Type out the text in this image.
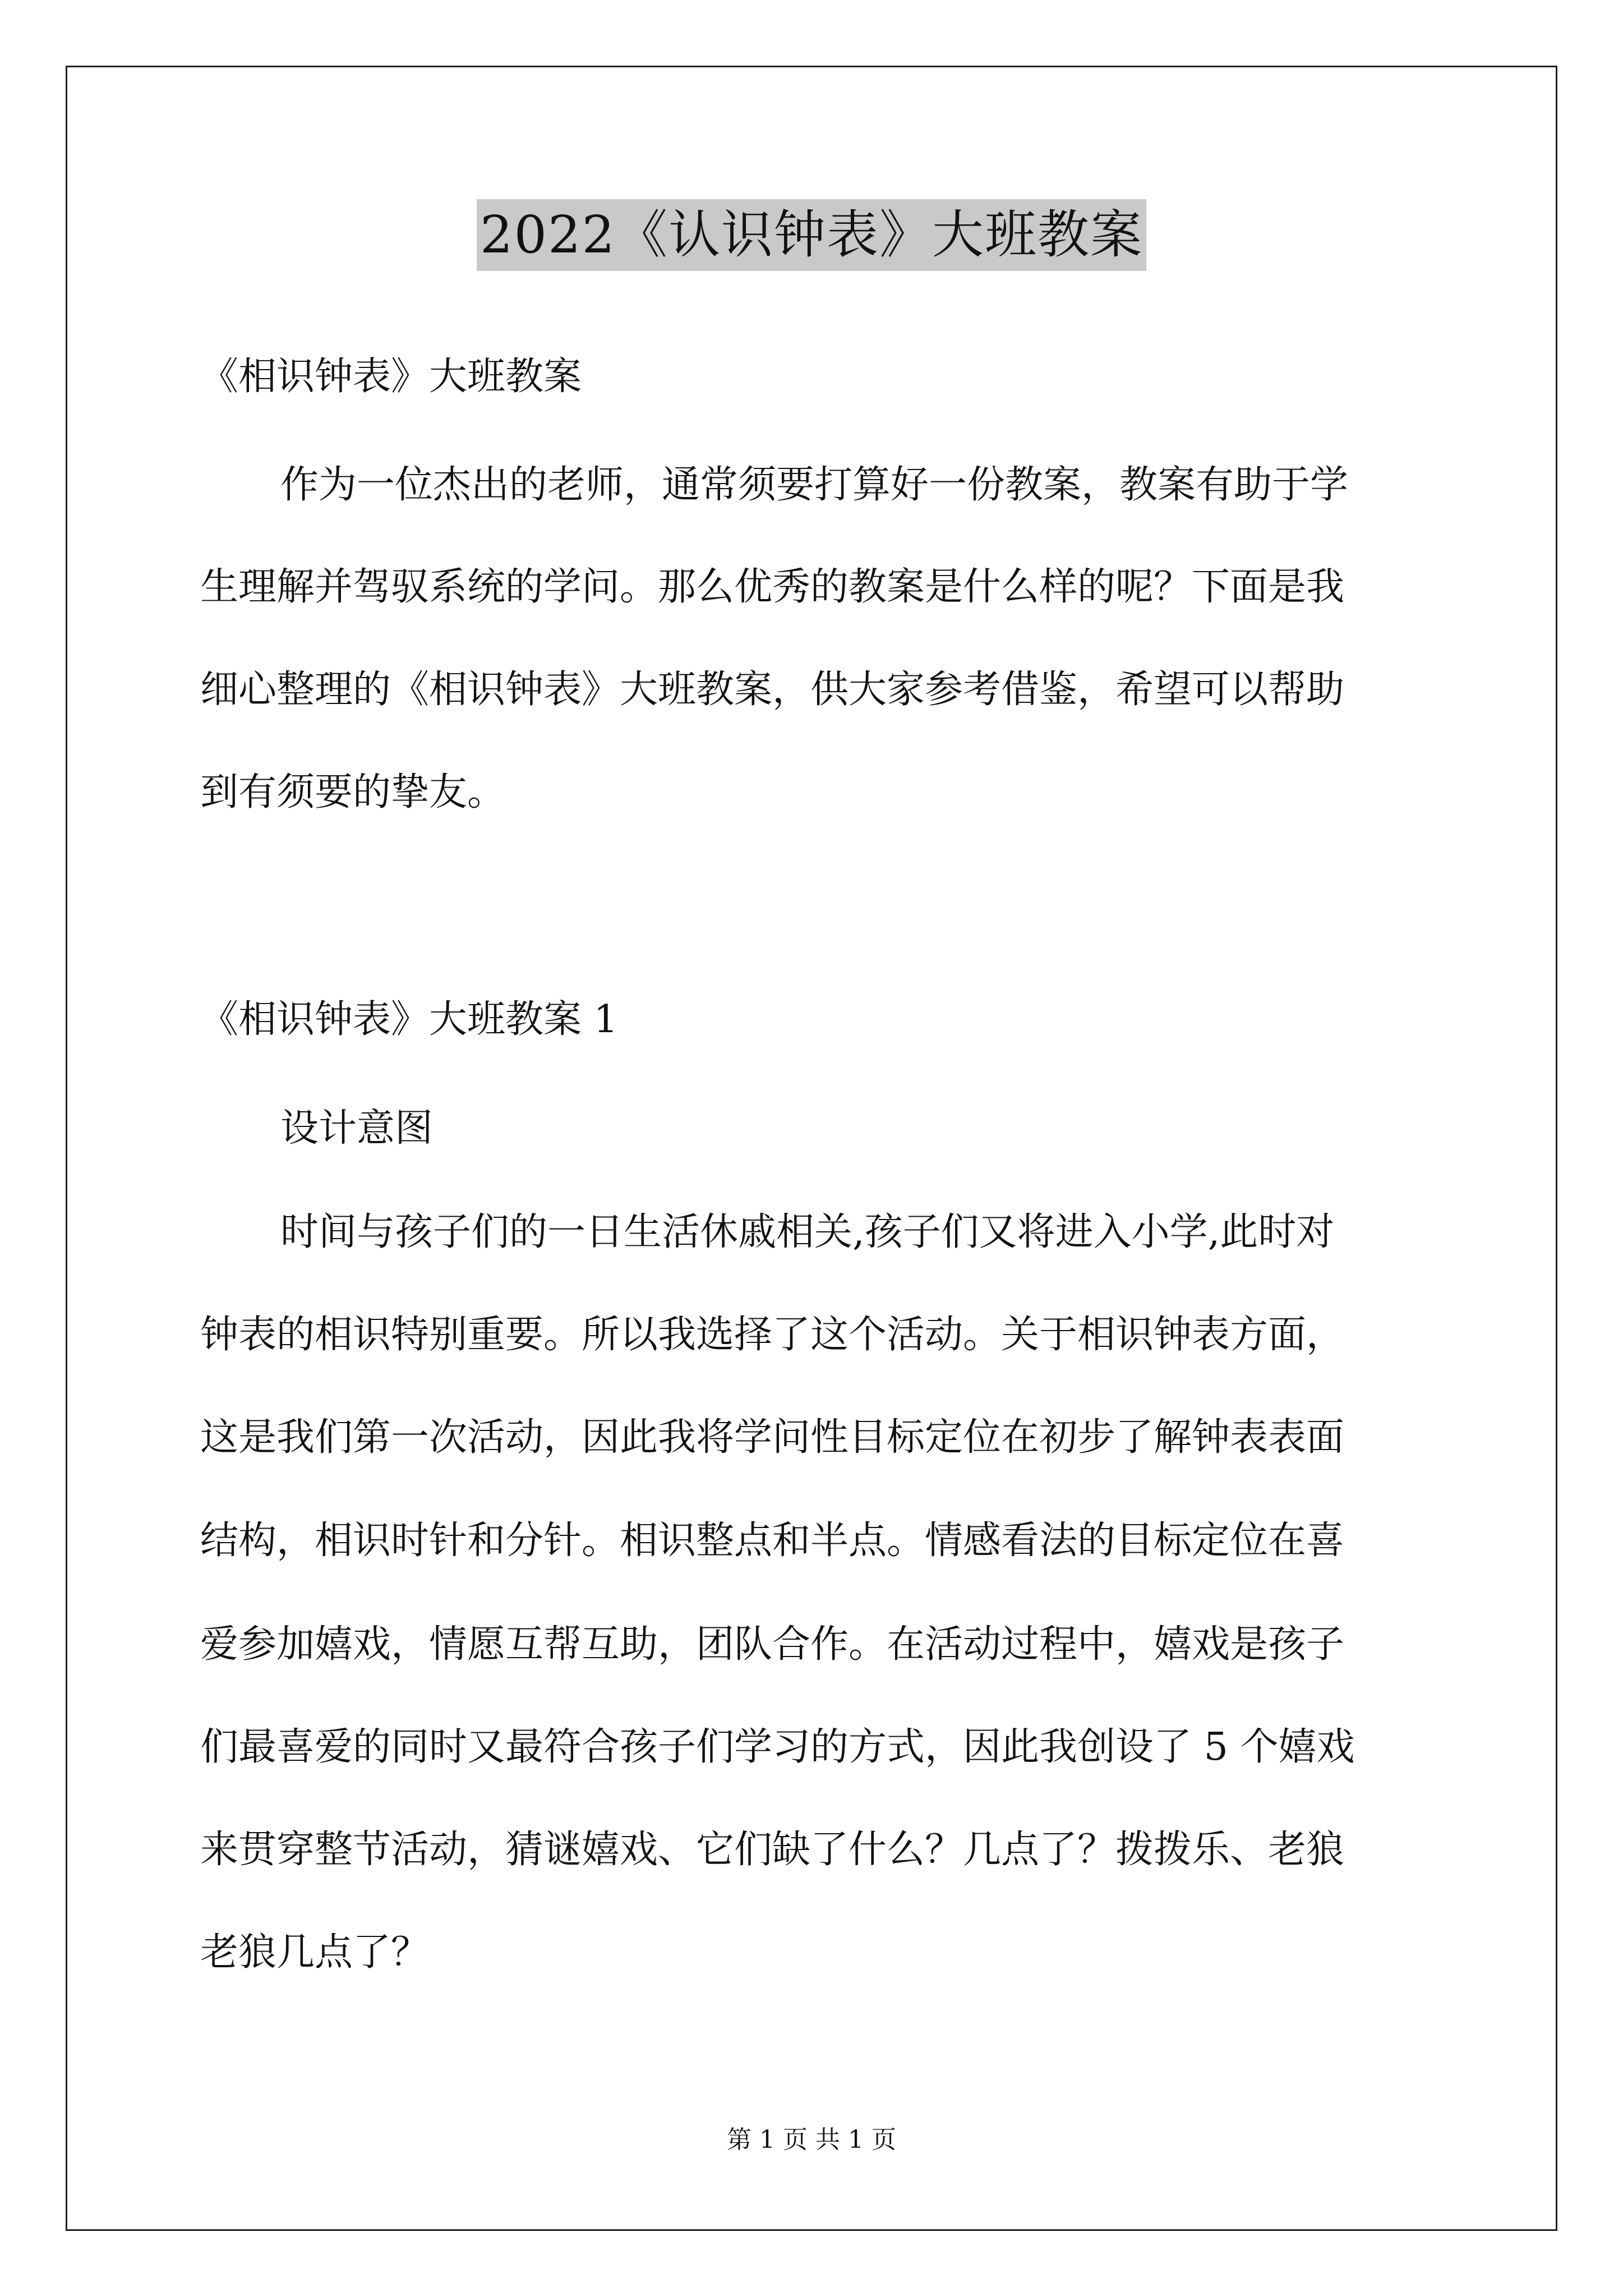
2022《认识钟表》大班教案
《相识钟表》大班教案
作为一位杰出的老师，通常须要打算好一份教案，教案有助于学
生理解并驾驭系统的学问。那么优秀的教案是什么样的呢？下面是我
细心整理的《相识钟表》大班教案，供大家参考借鉴，希望可以帮助
到有须要的挚友。
《相识钟表》大班教案 1
设计意图
时间与孩子们的一日生活休戚相关,孩子们又将进入小学,此时对
钟表的相识特别重要。所以我选择了这个活动。关于相识钟表方面，
这是我们第一次活动，因此我将学问性目标定位在初步了解钟表表面
结构，相识时针和分针。相识整点和半点。情感看法的目标定位在喜
爱参加嬉戏，情愿互帮互助，团队合作。在活动过程中，嬉戏是孩子
们最喜爱的同时又最符合孩子们学习的方式，因此我创设了 5 个嬉戏
来贯穿整节活动，猜谜嬉戏、它们缺了什么？几点了？拨拨乐、老狼
老狼几点了？
第 1 页 共 1 页
